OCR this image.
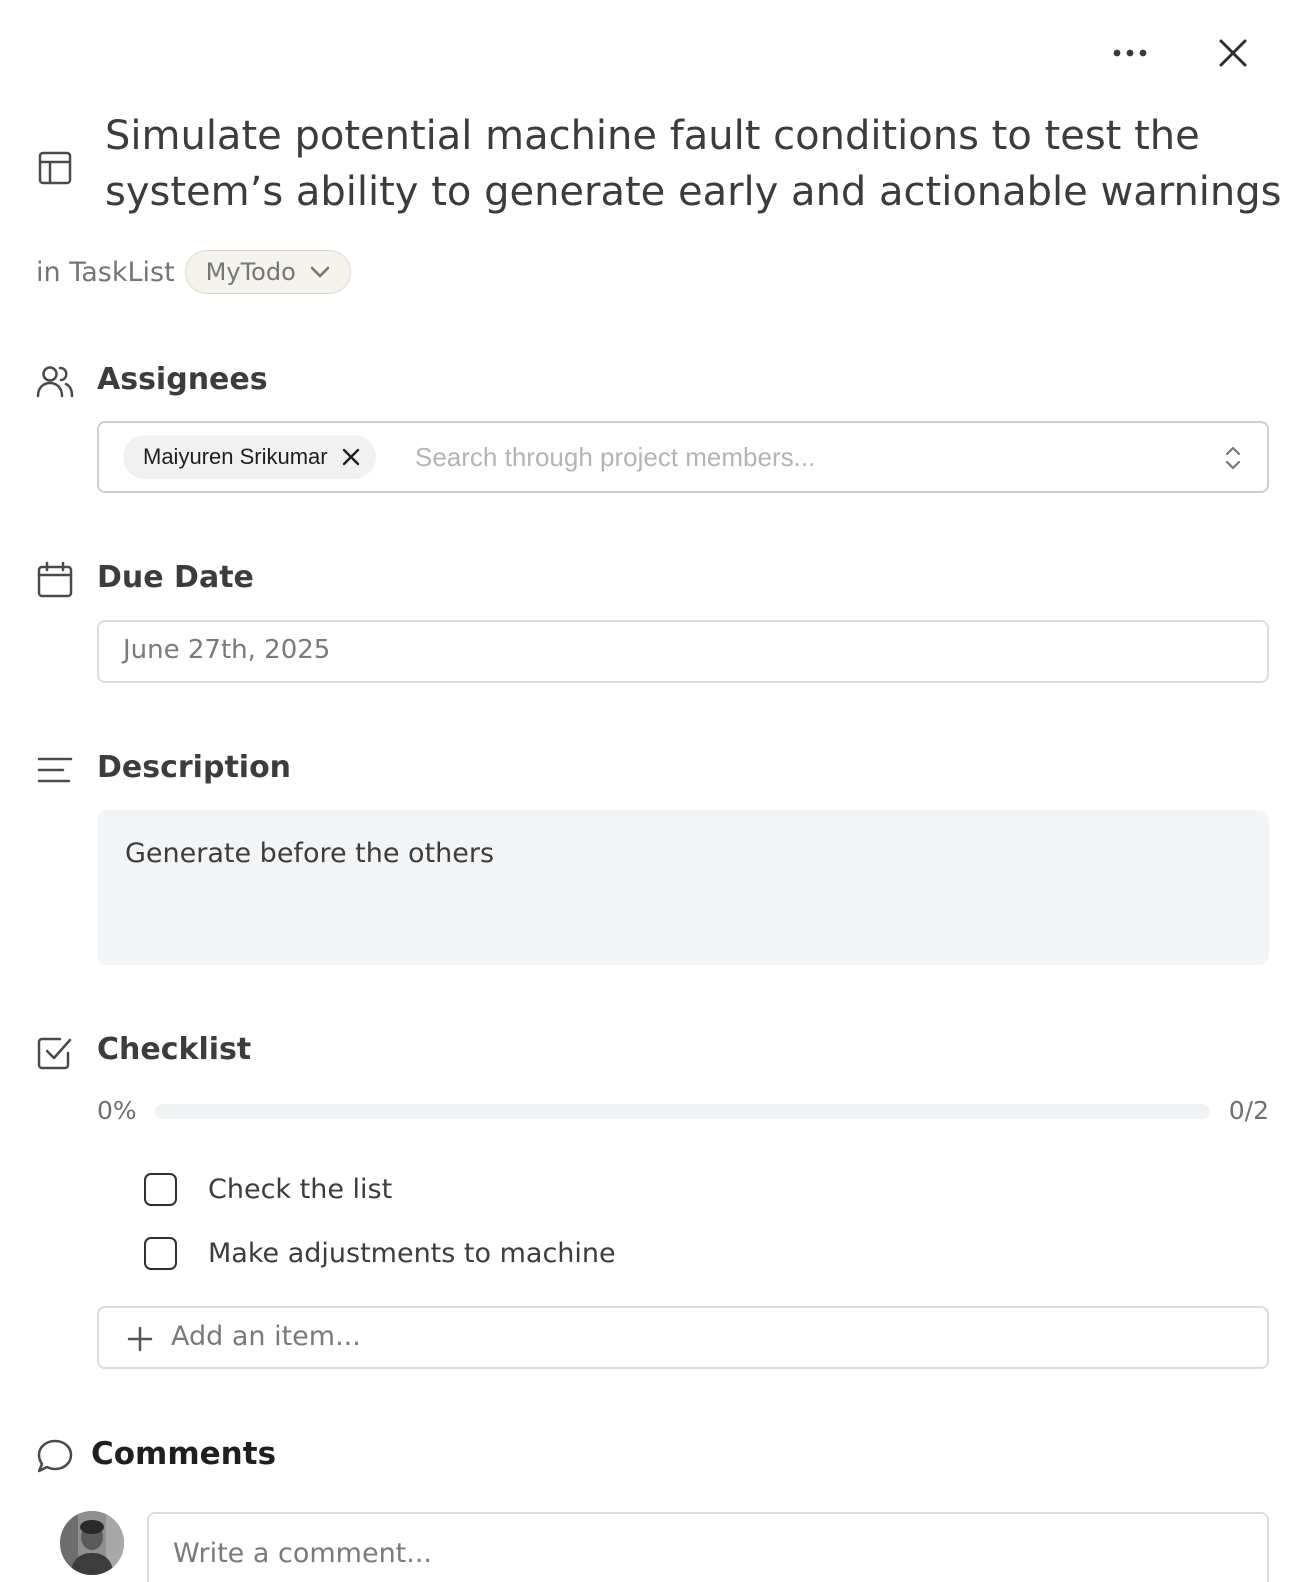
Simulate potential machine fault conditions to test the system’s ability to generate early and actionable warnings
in TaskList MyTodo
Assignees
Maiyuren Srikumar
Search through project members...
Due Date
June 27th, 2025
Description
Generate before the others
Checklist
0%	0/2
Check the list
Make adjustments to machine
Add an item...
Comments
Write a comment...
